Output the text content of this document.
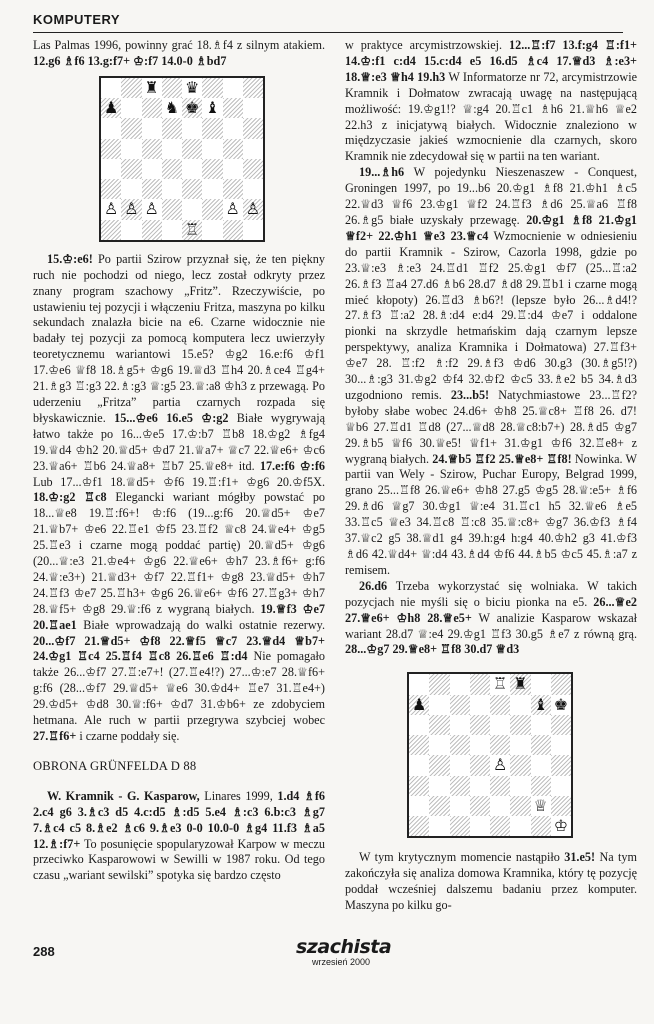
KOMPUTERY

Las Palmas 1996, powinny grać 18.♗f4 z silnym atakiem. 12.g6 ♗f6 13.g:f7+ ♔:f7 14.0-0 ♗bd7

♜ ♛
♟	♞ ♚ ♝
♙ ♙ ♙	♙ ♙
♖

15.♔:e6! Po partii Szirow przyznał się, że ten piękny ruch nie pochodzi od niego, lecz został odkryty przez znany program szachowy „Fritz”. Rzeczywiście, po ustawieniu tej pozycji i włączeniu Fritza, maszyna po kilku sekundach znalazła bicie na e6. Czarne widocznie nie badały tej pozycji za pomocą komputera lecz uwierzyły teoretycznemu wariantowi 15.e5? ♔g2 16.e:f6 ♔f1 17.♔e6 ♕f8 18.♗g5+ ♔g6 19.♕d3 ♖h4 20.♗ce4 ♖g4+ 21.♗g3 ♖:g3 22.♗:g3 ♕:g5 23.♕:a8 ♔h3 z przewagą. Po uderzeniu „Fritza” partia czarnych rozpada się błyskawicznie. 15...♔e6 16.e5 ♔:g2 Białe wygrywają łatwo także po 16...♔e5 17.♔:b7 ♖b8 18.♔g2 ♗fg4 19.♕d4 ♔h2 20.♕d5+ ♔d7 21.♕a7+ ♕c7 22.♕e6+ ♔c6 23.♕a6+ ♖b6 24.♕a8+ ♖b7 25.♕e8+ itd. 17.e:f6 ♔:f6 Lub 17...♔f1 18.♕d5+ ♔f6 19.♖:f1+ ♔g6 20.♔f5X. 18.♔:g2 ♖c8 Elegancki wariant mógłby powstać po 18...♕e8 19.♖:f6+! ♔:f6 (19...g:f6 20.♕d5+ ♔e7 21.♕b7+ ♔e6 22.♖e1 ♔f5 23.♖f2 ♕c8 24.♕e4+ ♔g5 25.♖e3 i czarne mogą poddać partię) 20.♕d5+ ♔g6 (20...♕:e3 21.♔e4+ ♔g6 22.♕e6+ ♔h7 23.♗f6+ g:f6 24.♕:e3+) 21.♕d3+ ♔f7 22.♖f1+ ♔g8 23.♕d5+ ♔h7 24.♖f3 ♔e7 25.♖h3+ ♔g6 26.♕e6+ ♔f6 27.♖g3+ ♔h7 28.♕f5+ ♔g8 29.♕:f6 z wygraną białych. 19.♕f3 ♔e7 20.♖ae1 Białe wprowadzają do walki ostatnie rezerwy. 20...♔f7 21.♕d5+ ♔f8 22.♕f5 ♕c7 23.♕d4 ♕b7+ 24.♔g1 ♖c4 25.♖f4 ♖c8 26.♖e6 ♖:d4 Nie pomagało także 26...♔f7 27.♖:e7+! (27.♖e4!?) 27...♔:e7 28.♕f6+ g:f6 (28...♔f7 29.♕d5+ ♕e6 30.♔d4+ ♖e7 31.♖e4+) 29.♔d5+ ♔d8 30.♕:f6+ ♔d7 31.♔b6+ ze zdobyciem hetmana. Ale ruch w partii przegrywa szybciej wobec 27.♖f6+ i czarne poddały się.

OBRONA GRÜNFELDA D 88

W. Kramnik - G. Kasparow, Linares 1999, 1.d4 ♗f6 2.c4 g6 3.♗c3 d5 4.c:d5 ♗:d5 5.e4 ♗:c3 6.b:c3 ♗g7 7.♗c4 c5 8.♗e2 ♗c6 9.♗e3 0-0 10.0-0 ♗g4 11.f3 ♗a5 12.♗:f7+ To posunięcie spopularyzował Karpow w meczu przeciwko Kasparowowi w Sewilli w 1987 roku. Od tego czasu „wariant sewilski” spotyka się bardzo często

w praktyce arcymistrzowskiej. 12...♖:f7 13.f:g4 ♖:f1+ 14.♔:f1 c:d4 15.c:d4 e5 16.d5 ♗c4 17.♕d3 ♗:e3+ 18.♕:e3 ♕h4 19.h3 W Informatorze nr 72, arcymistrzowie Kramnik i Dołmatow zwracają uwagę na następującą możliwość: 19.♔g1!? ♕:g4 20.♖c1 ♗h6 21.♕h6 ♕e2 22.h3 z inicjatywą białych. Widocznie znaleziono w międzyczasie jakieś wzmocnienie dla czarnych, skoro Kramnik nie zdecydował się w partii na ten wariant.

19...♗h6 W pojedynku Nieszenaszew - Conquest, Groningen 1997, po 19...b6 20.♔g1 ♗f8 21.♔h1 ♗c5 22.♕d3 ♕f6 23.♔g1 ♕f2 24.♖f3 ♗d6 25.♕a6 ♖f8 26.♗g5 białe uzyskały przewagę. 20.♔g1 ♗f8 21.♔g1 ♕f2+ 22.♔h1 ♕e3 23.♕c4 Wzmocnienie w odniesieniu do partii Kramnik - Szirow, Cazorla 1998, gdzie po 23.♕:e3 ♗:e3 24.♖d1 ♖f2 25.♔g1 ♔f7 (25...♖:a2 26.♗f3 ♖a4 27.d6 ♗b6 28.d7 ♗d8 29.♖b1 i czarne mogą mieć kłopoty) 26.♖d3 ♗b6?! (lepsze było 26...♗d4!? 27.♗f3 ♖:a2 28.♗:d4 e:d4 29.♖:d4 ♔e7 i oddalone pionki na skrzydle hetmańskim dają czarnym lepsze perspektywy, analiza Kramnika i Dołmatowa) 27.♖f3+ ♔e7 28. ♖:f2 ♗:f2 29.♗f3 ♔d6 30.g3 (30.♗g5!?) 30...♗:g3 31.♔g2 ♔f4 32.♔f2 ♔c5 33.♗e2 b5 34.♗d3 uzgodniono remis. 23...b5! Natychmiastowe 23...♖f2? byłoby słabe wobec 24.d6+ ♔h8 25.♕c8+ ♖f8 26. d7! ♕b6 27.♖d1 ♖d8 (27...♕d8 28.♕c8:b7+) 28.♗d5 ♔g7 29.♗b5 ♕f6 30.♕e5! ♕f1+ 31.♔g1 ♔f6 32.♖e8+ z wygraną białych. 24.♕b5 ♖f2 25.♕e8+ ♖f8! Nowinka. W partii van Wely - Szirow, Puchar Europy, Belgrad 1999, grano 25...♖f8 26.♕e6+ ♔h8 27.g5 ♔g5 28.♕:e5+ ♗f6 29.♗d6 ♕g7 30.♔g1 ♕:e4 31.♖c1 h5 32.♕e6 ♗e5 33.♖c5 ♕e3 34.♖c8 ♖:c8 35.♕:c8+ ♔g7 36.♔f3 ♗f4 37.♕c2 g5 38.♕d1 g4 39.h:g4 h:g4 40.♔h2 g3 41.♔f3 ♗d6 42.♕d4+ ♕:d4 43.♗d4 ♔f6 44.♗b5 ♔c5 45.♗:a7 z remisem.

26.d6 Trzeba wykorzystać się wolniaka. W takich pozycjach nie myśli się o biciu pionka na e5. 26...♕e2 27.♕e6+ ♔h8 28.♕e5+ W analizie Kasparow wskazał wariant 28.d7 ♕:e4 29.♔g1 ♖f3 30.g5 ♗e7 z równą grą. 28...♔g7 29.♕e8+ ♖f8 30.d7 ♕d3

♖ ♜
♟	♝ ♚
♙
♕
♔

W tym krytycznym momencie nastąpiło 31.e5! Na tym zakończyła się analiza domowa Kramnika, który tę pozycję poddał wcześniej dalszemu badaniu przez komputer. Maszyna po kilku go-

288	szachista
wrzesień 2000
